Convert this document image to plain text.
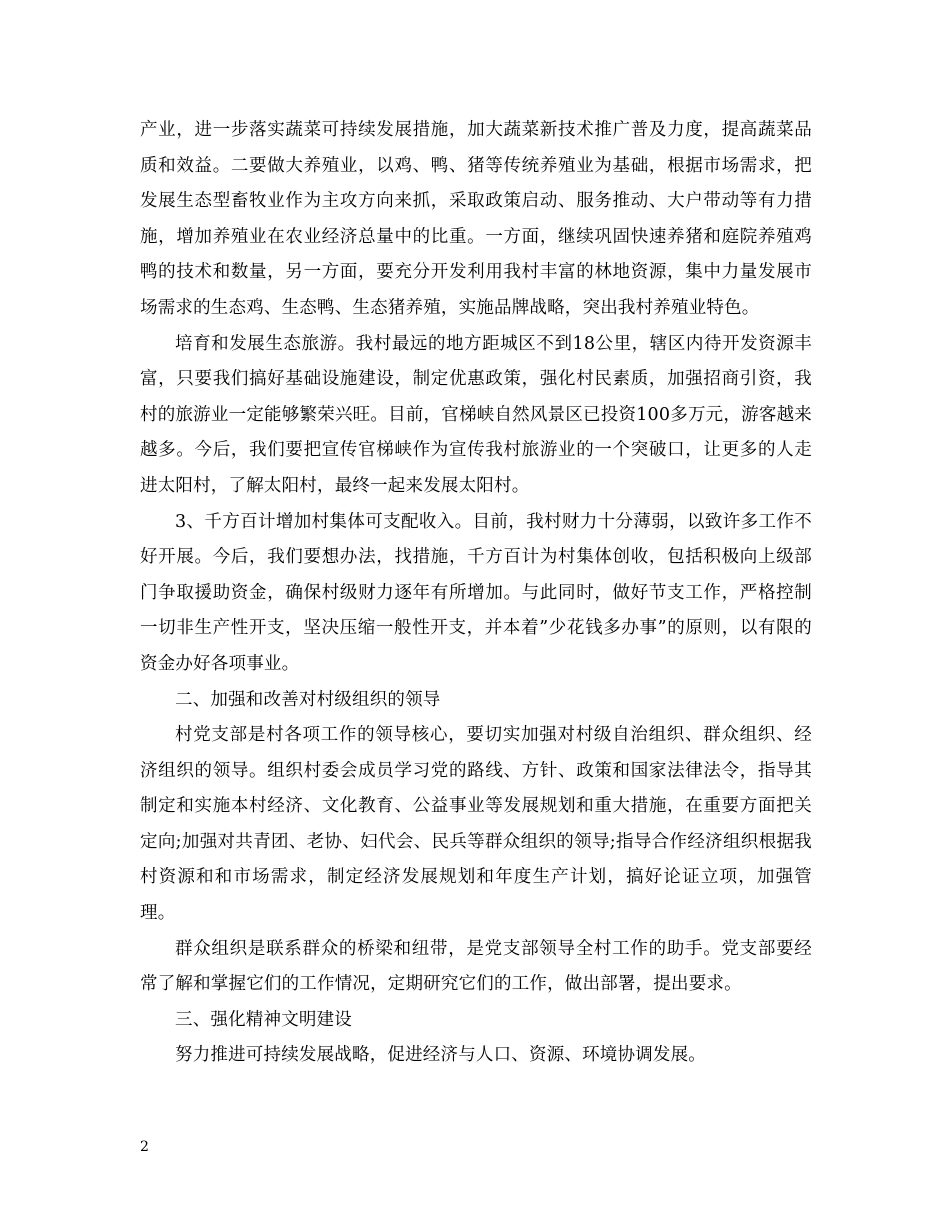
产业，进一步落实蔬菜可持续发展措施，加大蔬菜新技术推广普及力度，提高蔬菜品质和效益。二要做大养殖业，以鸡、鸭、猪等传统养殖业为基础，根据市场需求，把发展生态型畜牧业作为主攻方向来抓，采取政策启动、服务推动、大户带动等有力措施，增加养殖业在农业经济总量中的比重。一方面，继续巩固快速养猪和庭院养殖鸡鸭的技术和数量，另一方面，要充分开发利用我村丰富的林地资源，集中力量发展市场需求的生态鸡、生态鸭、生态猪养殖，实施品牌战略，突出我村养殖业特色。

培育和发展生态旅游。我村最远的地方距城区不到18公里，辖区内待开发资源丰富，只要我们搞好基础设施建设，制定优惠政策，强化村民素质，加强招商引资，我村的旅游业一定能够繁荣兴旺。目前，官梯峡自然风景区已投资100多万元，游客越来越多。今后，我们要把宣传官梯峡作为宣传我村旅游业的一个突破口，让更多的人走进太阳村，了解太阳村，最终一起来发展太阳村。

3、千方百计增加村集体可支配收入。目前，我村财力十分薄弱，以致许多工作不好开展。今后，我们要想办法，找措施，千方百计为村集体创收，包括积极向上级部门争取援助资金，确保村级财力逐年有所增加。与此同时，做好节支工作，严格控制一切非生产性开支，坚决压缩一般性开支，并本着”少花钱多办事”的原则，以有限的资金办好各项事业。

二、加强和改善对村级组织的领导

村党支部是村各项工作的领导核心，要切实加强对村级自治组织、群众组织、经济组织的领导。组织村委会成员学习党的路线、方针、政策和国家法律法令，指导其制定和实施本村经济、文化教育、公益事业等发展规划和重大措施，在重要方面把关定向;加强对共青团、老协、妇代会、民兵等群众组织的领导;指导合作经济组织根据我村资源和和市场需求，制定经济发展规划和年度生产计划，搞好论证立项，加强管理。

群众组织是联系群众的桥梁和纽带，是党支部领导全村工作的助手。党支部要经常了解和掌握它们的工作情况，定期研究它们的工作，做出部署，提出要求。

三、强化精神文明建设

努力推进可持续发展战略，促进经济与人口、资源、环境协调发展。

2
